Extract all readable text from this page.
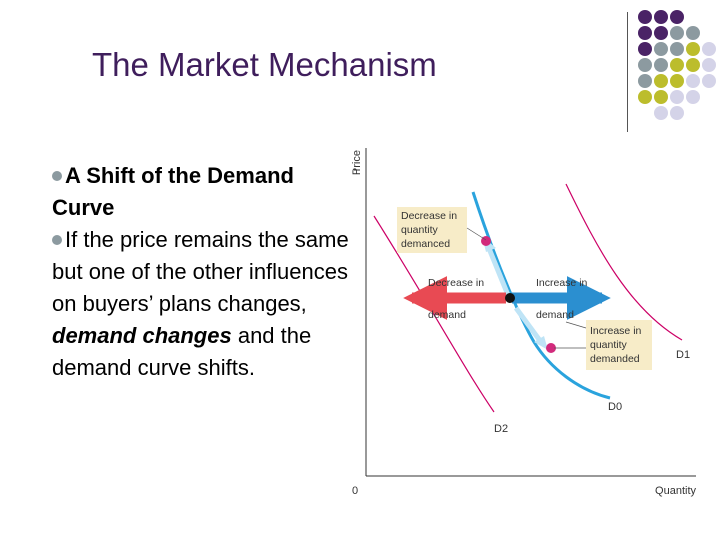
The Market Mechanism

A Shift of the Demand Curve

If the price remains the same but one of the other influences on buyers’ plans changes, demand changes and the demand curve shifts.

Price
0	Quantity
Decrease in
demand
Increase in
demand
Decrease in
quantity
demanced
Increase in
quantity
demanded	D1
D0
D2
